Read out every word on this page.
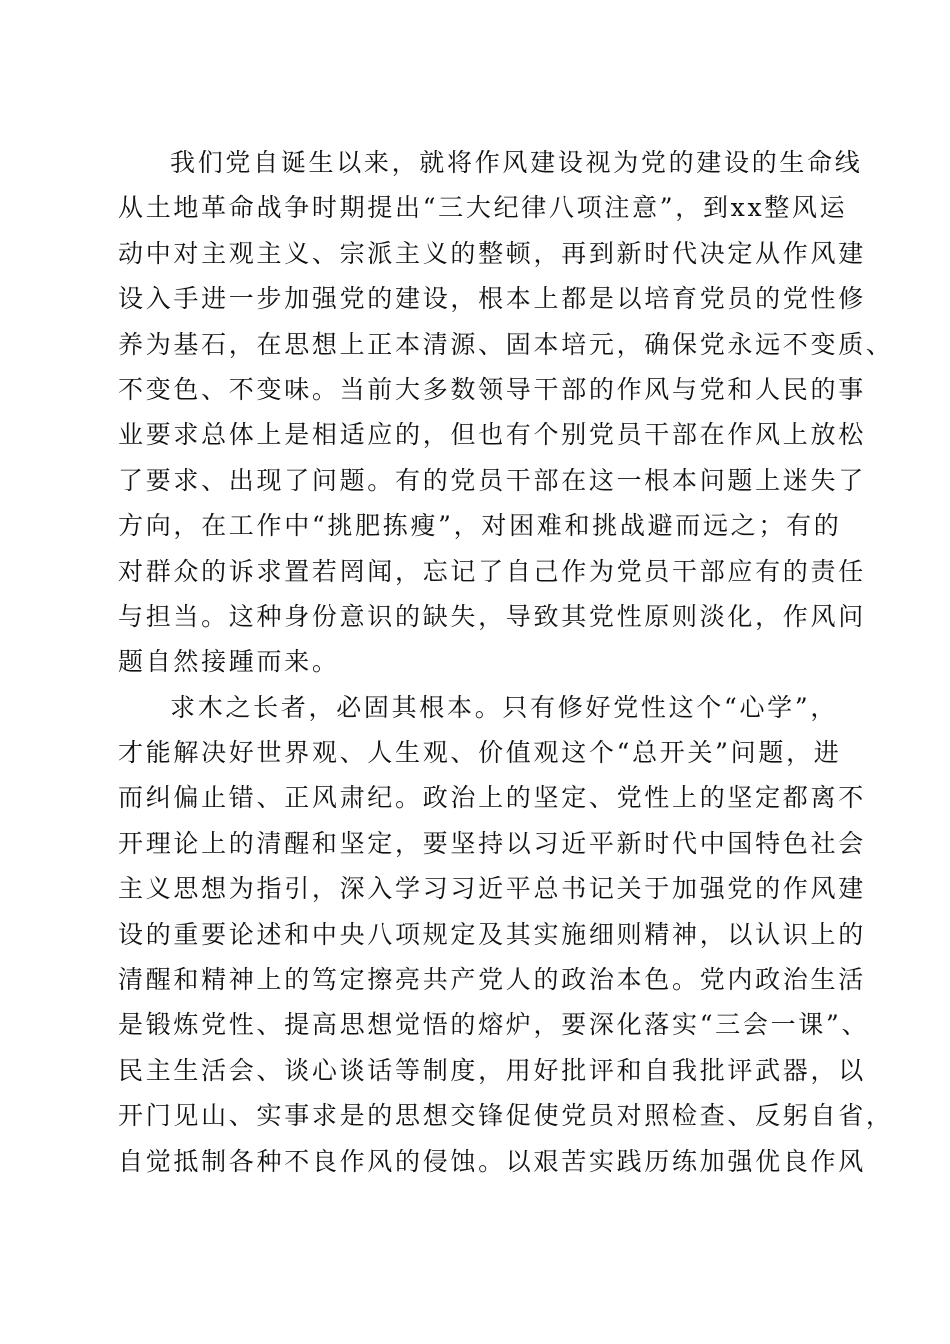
我们党自诞生以来，就将作风建设视为党的建设的生命线
从土地革命战争时期提出“三大纪律八项注意”，到xx整风运
动中对主观主义、宗派主义的整顿，再到新时代决定从作风建
设入手进一步加强党的建设，根本上都是以培育党员的党性修
养为基石，在思想上正本清源、固本培元，确保党永远不变质、
不变色、不变味。当前大多数领导干部的作风与党和人民的事
业要求总体上是相适应的，但也有个别党员干部在作风上放松
了要求、出现了问题。有的党员干部在这一根本问题上迷失了
方向，在工作中“挑肥拣瘦”，对困难和挑战避而远之；有的
对群众的诉求置若罔闻，忘记了自己作为党员干部应有的责任
与担当。这种身份意识的缺失，导致其党性原则淡化，作风问
题自然接踵而来。
求木之长者，必固其根本。只有修好党性这个“心学”，
才能解决好世界观、人生观、价值观这个“总开关”问题，进
而纠偏止错、正风肃纪。政治上的坚定、党性上的坚定都离不
开理论上的清醒和坚定，要坚持以习近平新时代中国特色社会
主义思想为指引，深入学习习近平总书记关于加强党的作风建
设的重要论述和中央八项规定及其实施细则精神，以认识上的
清醒和精神上的笃定擦亮共产党人的政治本色。党内政治生活
是锻炼党性、提高思想觉悟的熔炉，要深化落实“三会一课”、
民主生活会、谈心谈话等制度，用好批评和自我批评武器，以
开门见山、实事求是的思想交锋促使党员对照检查、反躬自省，
自觉抵制各种不良作风的侵蚀。以艰苦实践历练加强优良作风
